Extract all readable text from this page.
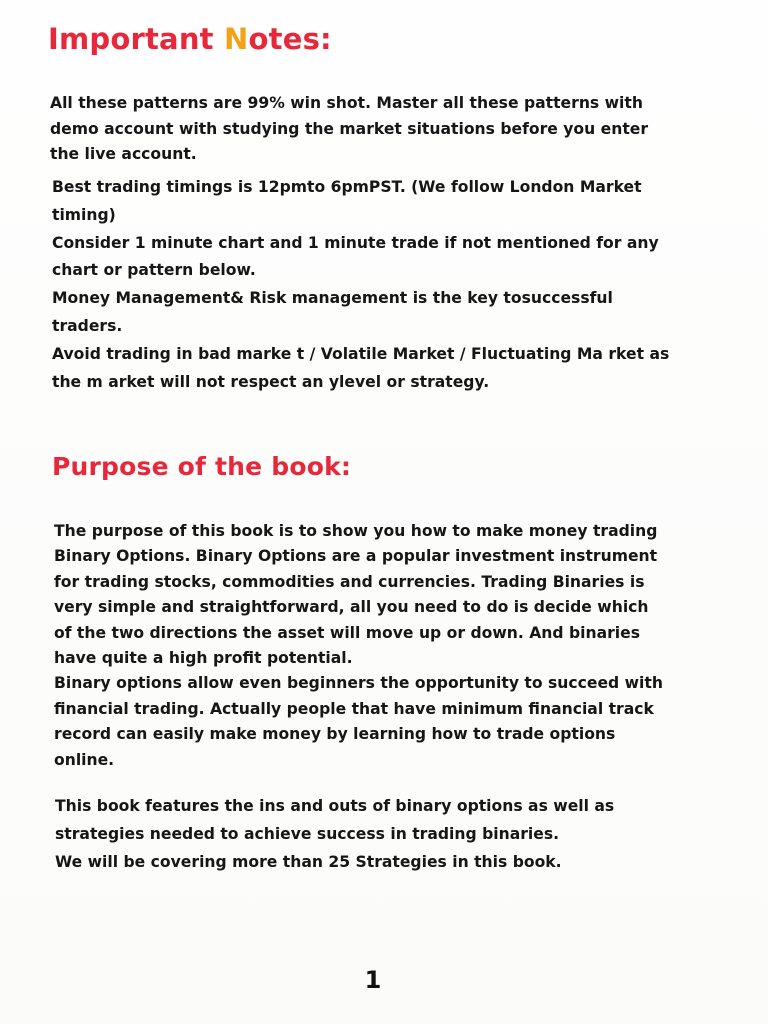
Important Notes:

All these patterns are 99% win shot. Master all these patterns with
demo account with studying the market situations before you enter
the live account.

Best trading timings is 12pmto 6pmPST. (We follow London Market
timing)
Consider 1 minute chart and 1 minute trade if not mentioned for any
chart or pattern below.
Money Management& Risk management is the key tosuccessful
traders.
Avoid trading in bad marke t / Volatile Market / Fluctuating Ma rket as
the m arket will not respect an ylevel or strategy.

Purpose of the book:

The purpose of this book is to show you how to make money trading
Binary Options. Binary Options are a popular investment instrument
for trading stocks, commodities and currencies. Trading Binaries is
very simple and straightforward, all you need to do is decide which
of the two directions the asset will move up or down. And binaries
have quite a high profit potential.
Binary options allow even beginners the opportunity to succeed with
financial trading. Actually people that have minimum financial track
record can easily make money by learning how to trade options
online.

This book features the ins and outs of binary options as well as
strategies needed to achieve success in trading binaries.
We will be covering more than 25 Strategies in this book.

1
